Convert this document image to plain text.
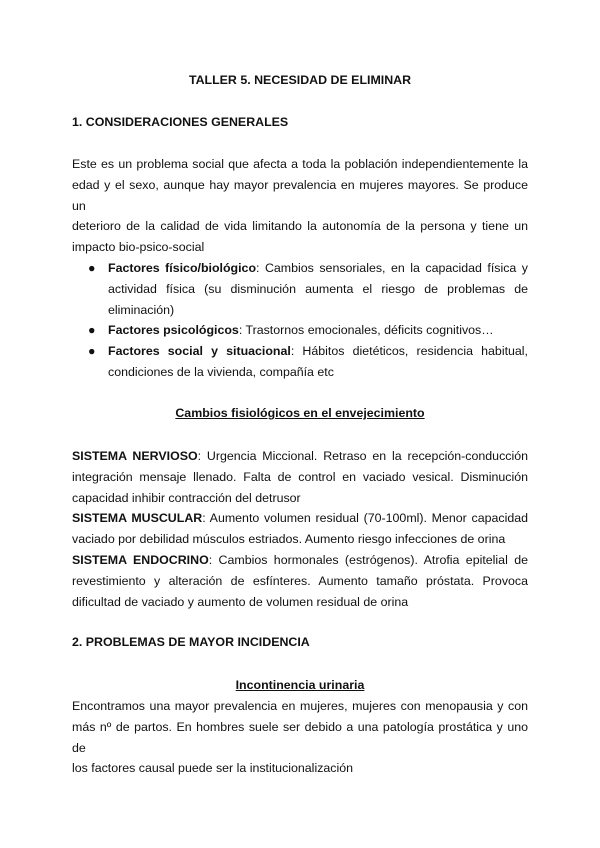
TALLER 5. NECESIDAD DE ELIMINAR
1. CONSIDERACIONES GENERALES
Este es un problema social que afecta a toda la población independientemente la
edad y el sexo, aunque hay mayor prevalencia en mujeres mayores. Se produce un
deterioro de la calidad de vida limitando la autonomía de la persona y tiene un
impacto bio-psico-social
● Factores físico/biológico: Cambios sensoriales, en la capacidad física y
actividad física (su disminución aumenta el riesgo de problemas de
eliminación)
● Factores psicológicos: Trastornos emocionales, déficits cognitivos…
● Factores social y situacional: Hábitos dietéticos, residencia habitual,
condiciones de la vivienda, compañía etc
Cambios fisiológicos en el envejecimiento
SISTEMA NERVIOSO: Urgencia Miccional. Retraso en la recepción-conducción
integración mensaje llenado. Falta de control en vaciado vesical. Disminución
capacidad inhibir contracción del detrusor
SISTEMA MUSCULAR: Aumento volumen residual (70-100ml). Menor capacidad
vaciado por debilidad músculos estriados. Aumento riesgo infecciones de orina
SISTEMA ENDOCRINO: Cambios hormonales (estrógenos). Atrofia epitelial de
revestimiento y alteración de esfínteres. Aumento tamaño próstata. Provoca
dificultad de vaciado y aumento de volumen residual de orina
2. PROBLEMAS DE MAYOR INCIDENCIA
Incontinencia urinaria
Encontramos una mayor prevalencia en mujeres, mujeres con menopausia y con
más nº de partos. En hombres suele ser debido a una patología prostática y uno de
los factores causal puede ser la institucionalización
